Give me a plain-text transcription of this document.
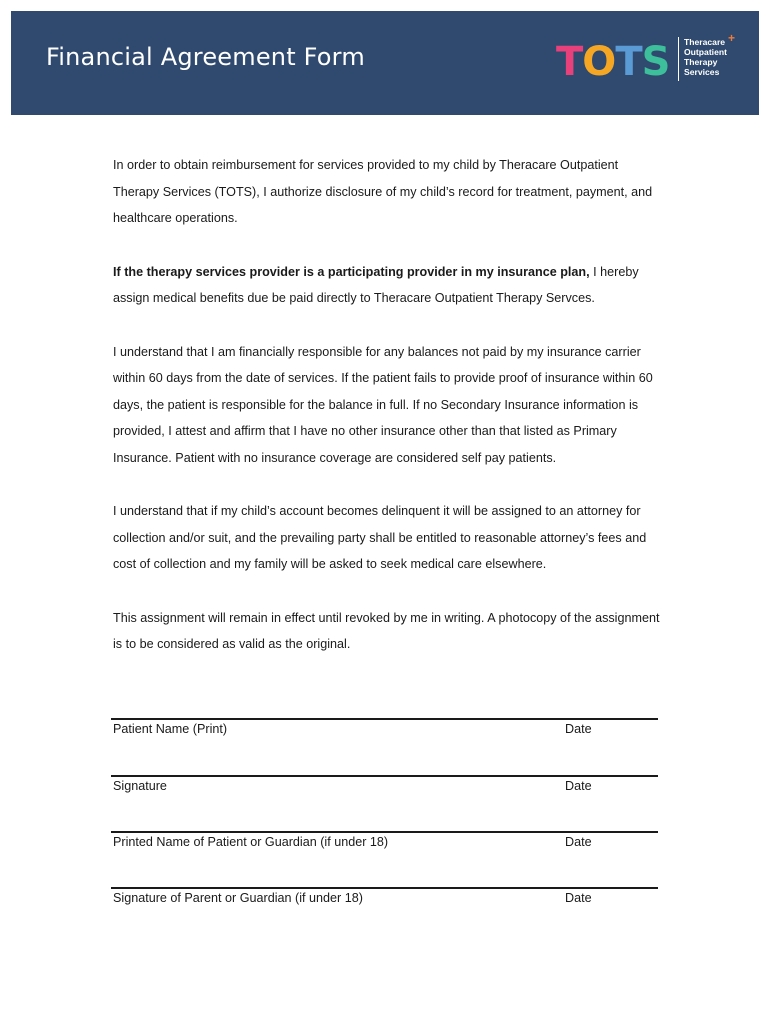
Financial Agreement Form	TOTS Theracare
Outpatient
Therapy
Services
+

In order to obtain reimbursement for services provided to my child by Theracare Outpatient Therapy Services (TOTS), I authorize disclosure of my child’s record for treatment, payment, and healthcare operations.

If the therapy services provider is a participating provider in my insurance plan, I hereby assign medical benefits due be paid directly to Theracare Outpatient Therapy Servces.

I understand that I am financially responsible for any balances not paid by my insurance carrier within 60 days from the date of services. If the patient fails to provide proof of insurance within 60 days, the patient is responsible for the balance in full. If no Secondary Insurance information is provided, I attest and affirm that I have no other insurance other than that listed as Primary Insurance. Patient with no insurance coverage are considered self pay patients.

I understand that if my child’s account becomes delinquent it will be assigned to an attorney for collection and/or suit, and the prevailing party shall be entitled to reasonable attorney’s fees and cost of collection and my family will be asked to seek medical care elsewhere.

This assignment will remain in effect until revoked by me in writing. A photocopy of the assignment is to be considered as valid as the original.

Patient Name (Print)	Date
Signature	Date
Printed Name of Patient or Guardian (if under 18)	Date
Signature of Parent or Guardian (if under 18)	Date
